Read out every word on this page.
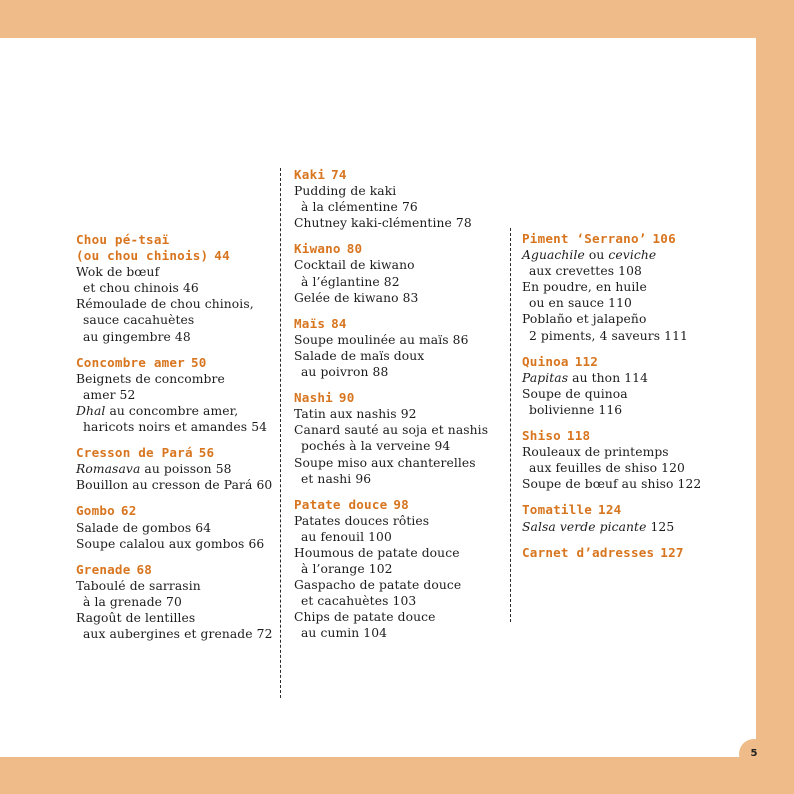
Chou pé-tsaï
(ou chou chinois) 44
Wok de bœuf
et chou chinois 46
Rémoulade de chou chinois,
sauce cacahuètes
au gingembre 48
Concombre amer 50
Beignets de concombre
amer 52
Dhal au concombre amer,
haricots noirs et amandes 54
Cresson de Pará 56
Romasava au poisson 58
Bouillon au cresson de Pará 60
Gombo 62
Salade de gombos 64
Soupe calalou aux gombos 66
Grenade 68
Taboulé de sarrasin
à la grenade 70
Ragoût de lentilles
aux aubergines et grenade 72
Kaki 74
Pudding de kaki
à la clémentine 76
Chutney kaki-clémentine 78
Kiwano 80
Cocktail de kiwano
à l’églantine 82
Gelée de kiwano 83
Maïs 84
Soupe moulinée au maïs 86
Salade de maïs doux
au poivron 88
Nashi 90
Tatin aux nashis 92
Canard sauté au soja et nashis
pochés à la verveine 94
Soupe miso aux chanterelles
et nashi 96
Patate douce 98
Patates douces rôties
au fenouil 100
Houmous de patate douce
à l’orange 102
Gaspacho de patate douce
et cacahuètes 103
Chips de patate douce
au cumin 104
Piment ‘Serrano’ 106
Aguachile ou ceviche
aux crevettes 108
En poudre, en huile
ou en sauce 110
Poblaño et jalapeño
2 piments, 4 saveurs 111
Quinoa 112
Papitas au thon 114
Soupe de quinoa
bolivienne 116
Shiso 118
Rouleaux de printemps
aux feuilles de shiso 120
Soupe de bœuf au shiso 122
Tomatille 124
Salsa verde picante 125
Carnet d’adresses 127
5
